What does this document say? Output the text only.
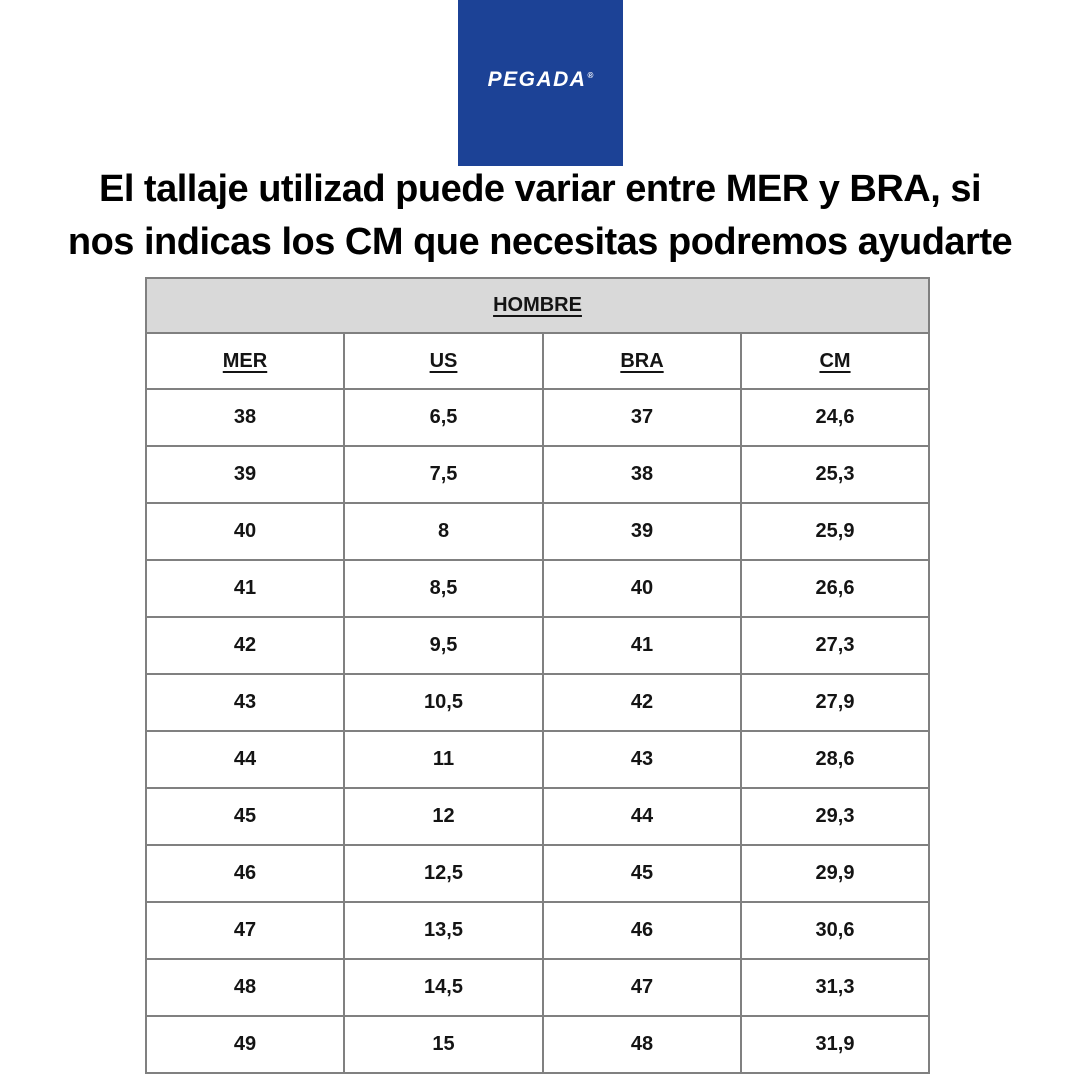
PEGADA®
El tallaje utilizad puede variar entre MER y BRA, si
nos indicas los CM que necesitas podremos ayudarte
HOMBRE			
MER	US	BRA	CM
38	6,5	37	24,6
39	7,5	38	25,3
40	8	39	25,9
41	8,5	40	26,6
42	9,5	41	27,3
43	10,5	42	27,9
44	11	43	28,6
45	12	44	29,3
46	12,5	45	29,9
47	13,5	46	30,6
48	14,5	47	31,3
49	15	48	31,9
